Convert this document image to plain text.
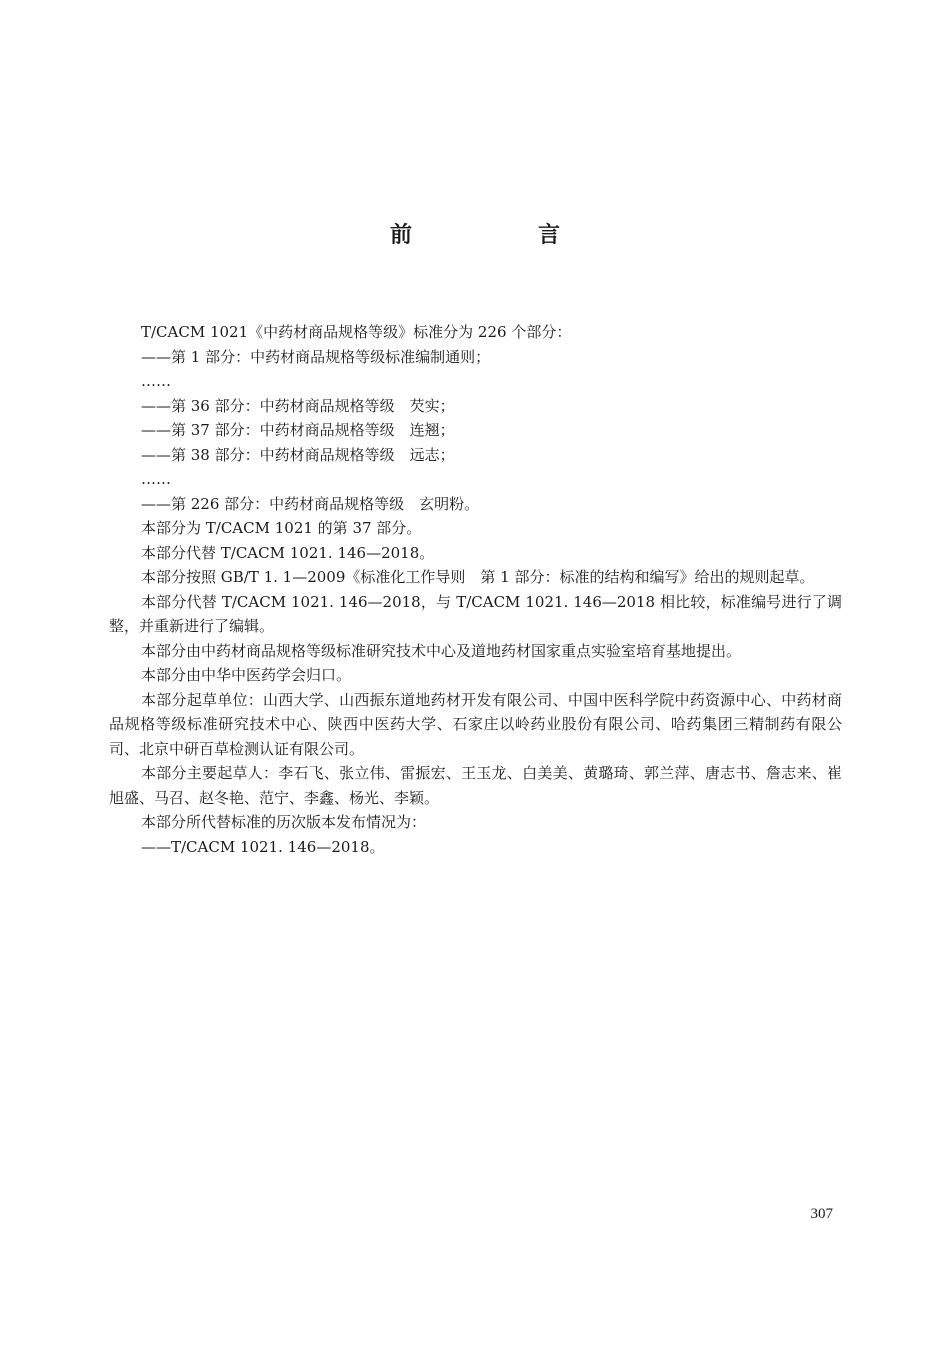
前　言

T/CACM 1021《中药材商品规格等级》标准分为 226 个部分：

——第 1 部分：中药材商品规格等级标准编制通则；

……

——第 36 部分：中药材商品规格等级　芡实；

——第 37 部分：中药材商品规格等级　连翘；

——第 38 部分：中药材商品规格等级　远志；

……

——第 226 部分：中药材商品规格等级　玄明粉。

本部分为 T/CACM 1021 的第 37 部分。

本部分代替 T/CACM 1021. 146—2018。

本部分按照 GB/T 1. 1—2009《标准化工作导则　第 1 部分：标准的结构和编写》给出的规则起草。

本部分代替 T/CACM 1021. 146—2018，与 T/CACM 1021. 146—2018 相比较，标准编号进行了调整，并重新进行了编辑。

本部分由中药材商品规格等级标准研究技术中心及道地药材国家重点实验室培育基地提出。

本部分由中华中医药学会归口。

本部分起草单位：山西大学、山西振东道地药材开发有限公司、中国中医科学院中药资源中心、中药材商品规格等级标准研究技术中心、陕西中医药大学、石家庄以岭药业股份有限公司、哈药集团三精制药有限公司、北京中研百草检测认证有限公司。

本部分主要起草人：李石飞、张立伟、雷振宏、王玉龙、白美美、黄璐琦、郭兰萍、唐志书、詹志来、崔旭盛、马召、赵冬艳、范宁、李鑫、杨光、李颖。

本部分所代替标准的历次版本发布情况为：

——T/CACM 1021. 146—2018。

307
